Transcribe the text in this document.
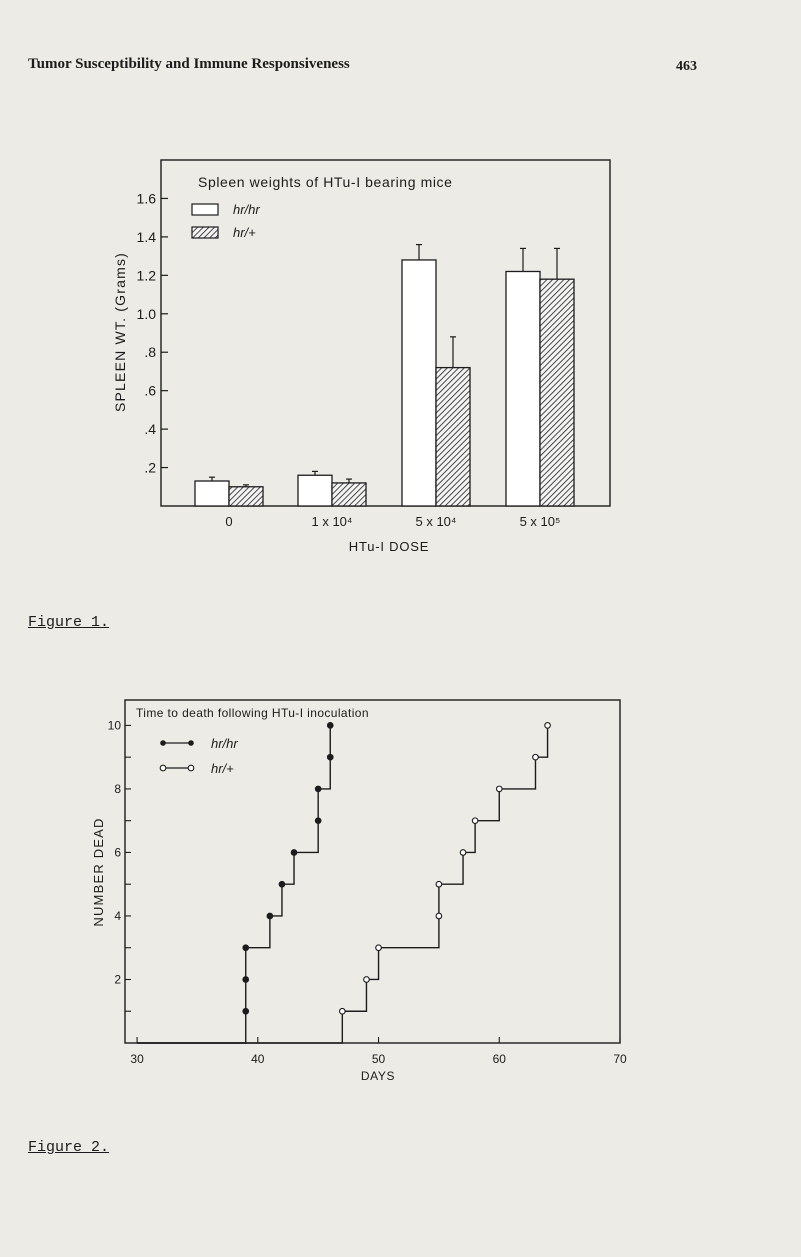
Tumor Susceptibility and Immune Responsiveness	463
Spleen weights of HTu-I bearing mice
hr/hr
hr/+
SPLEEN WT. (Grams)
HTu-I DOSE
1.6
1.4
1.2
1.0
.8
.6
.4
.2
0	1 x 10⁴	5 x 10⁴	5 x 10⁵
Figure 1.
Time to death following HTu-I inoculation
hr/hr
hr/+
NUMBER DEAD
DAYS
10
8
6
4
2
30	40	50	60	70
Figure 2.
